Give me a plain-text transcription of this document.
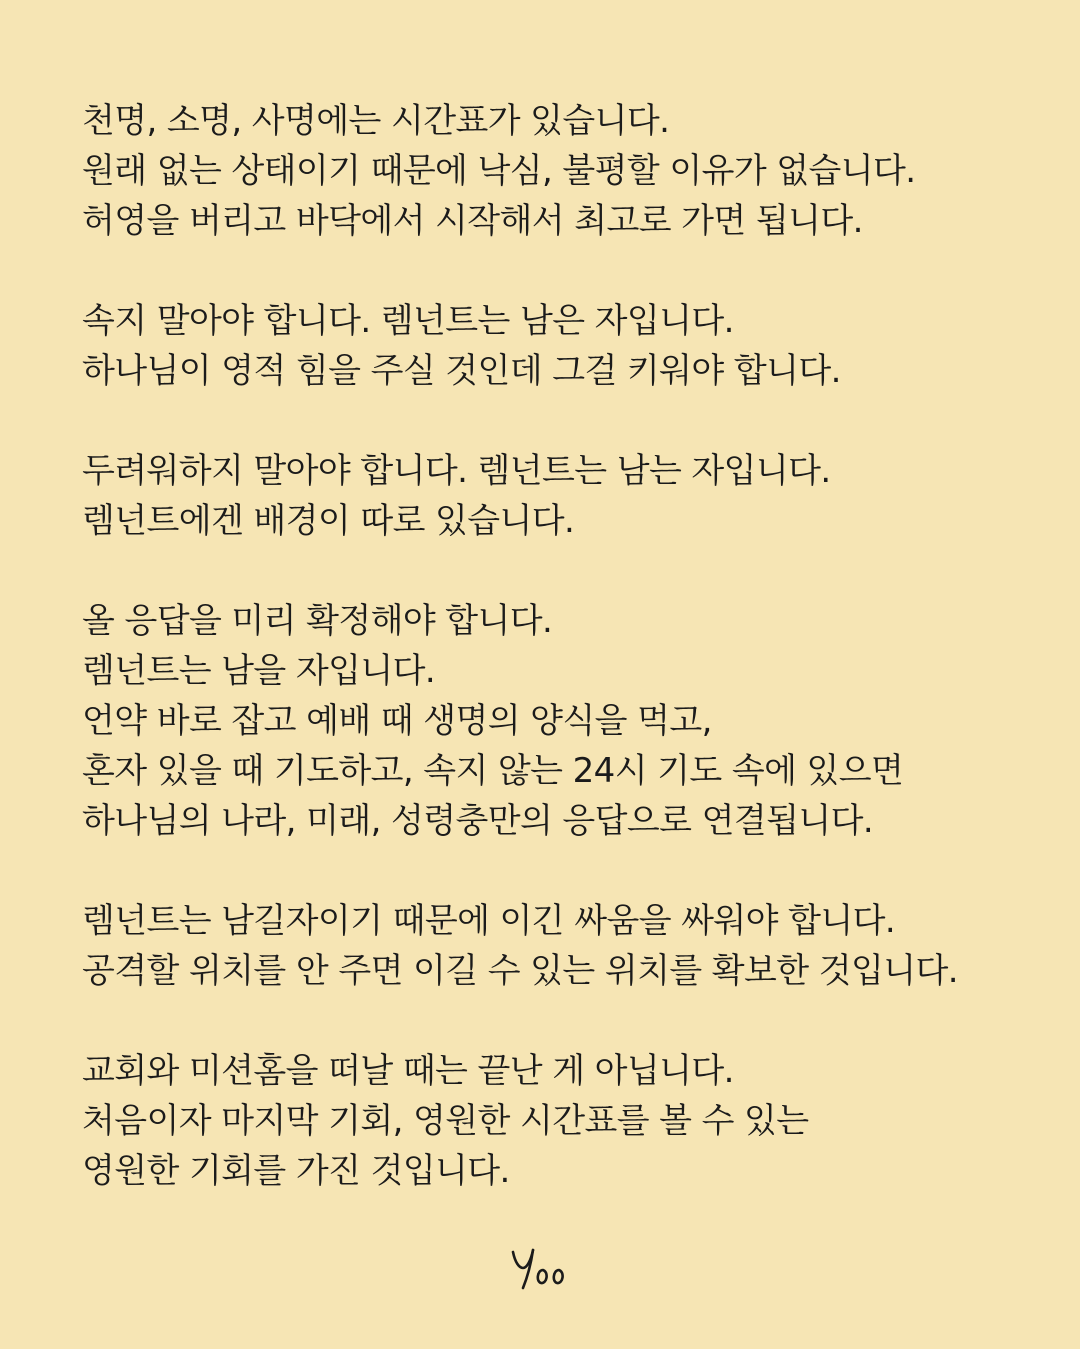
천명, 소명, 사명에는 시간표가 있습니다.
원래 없는 상태이기 때문에 낙심, 불평할 이유가 없습니다.
허영을 버리고 바닥에서 시작해서 최고로 가면 됩니다.
속지 말아야 합니다. 렘넌트는 남은 자입니다.
하나님이 영적 힘을 주실 것인데 그걸 키워야 합니다.
두려워하지 말아야 합니다. 렘넌트는 남는 자입니다.
렘넌트에겐 배경이 따로 있습니다.
올 응답을 미리 확정해야 합니다.
렘넌트는 남을 자입니다.
언약 바로 잡고 예배 때 생명의 양식을 먹고,
혼자 있을 때 기도하고, 속지 않는 24시 기도 속에 있으면
하나님의 나라, 미래, 성령충만의 응답으로 연결됩니다.
렘넌트는 남길자이기 때문에 이긴 싸움을 싸워야 합니다.
공격할 위치를 안 주면 이길 수 있는 위치를 확보한 것입니다.
교회와 미션홈을 떠날 때는 끝난 게 아닙니다.
처음이자 마지막 기회, 영원한 시간표를 볼 수 있는
영원한 기회를 가진 것입니다.
